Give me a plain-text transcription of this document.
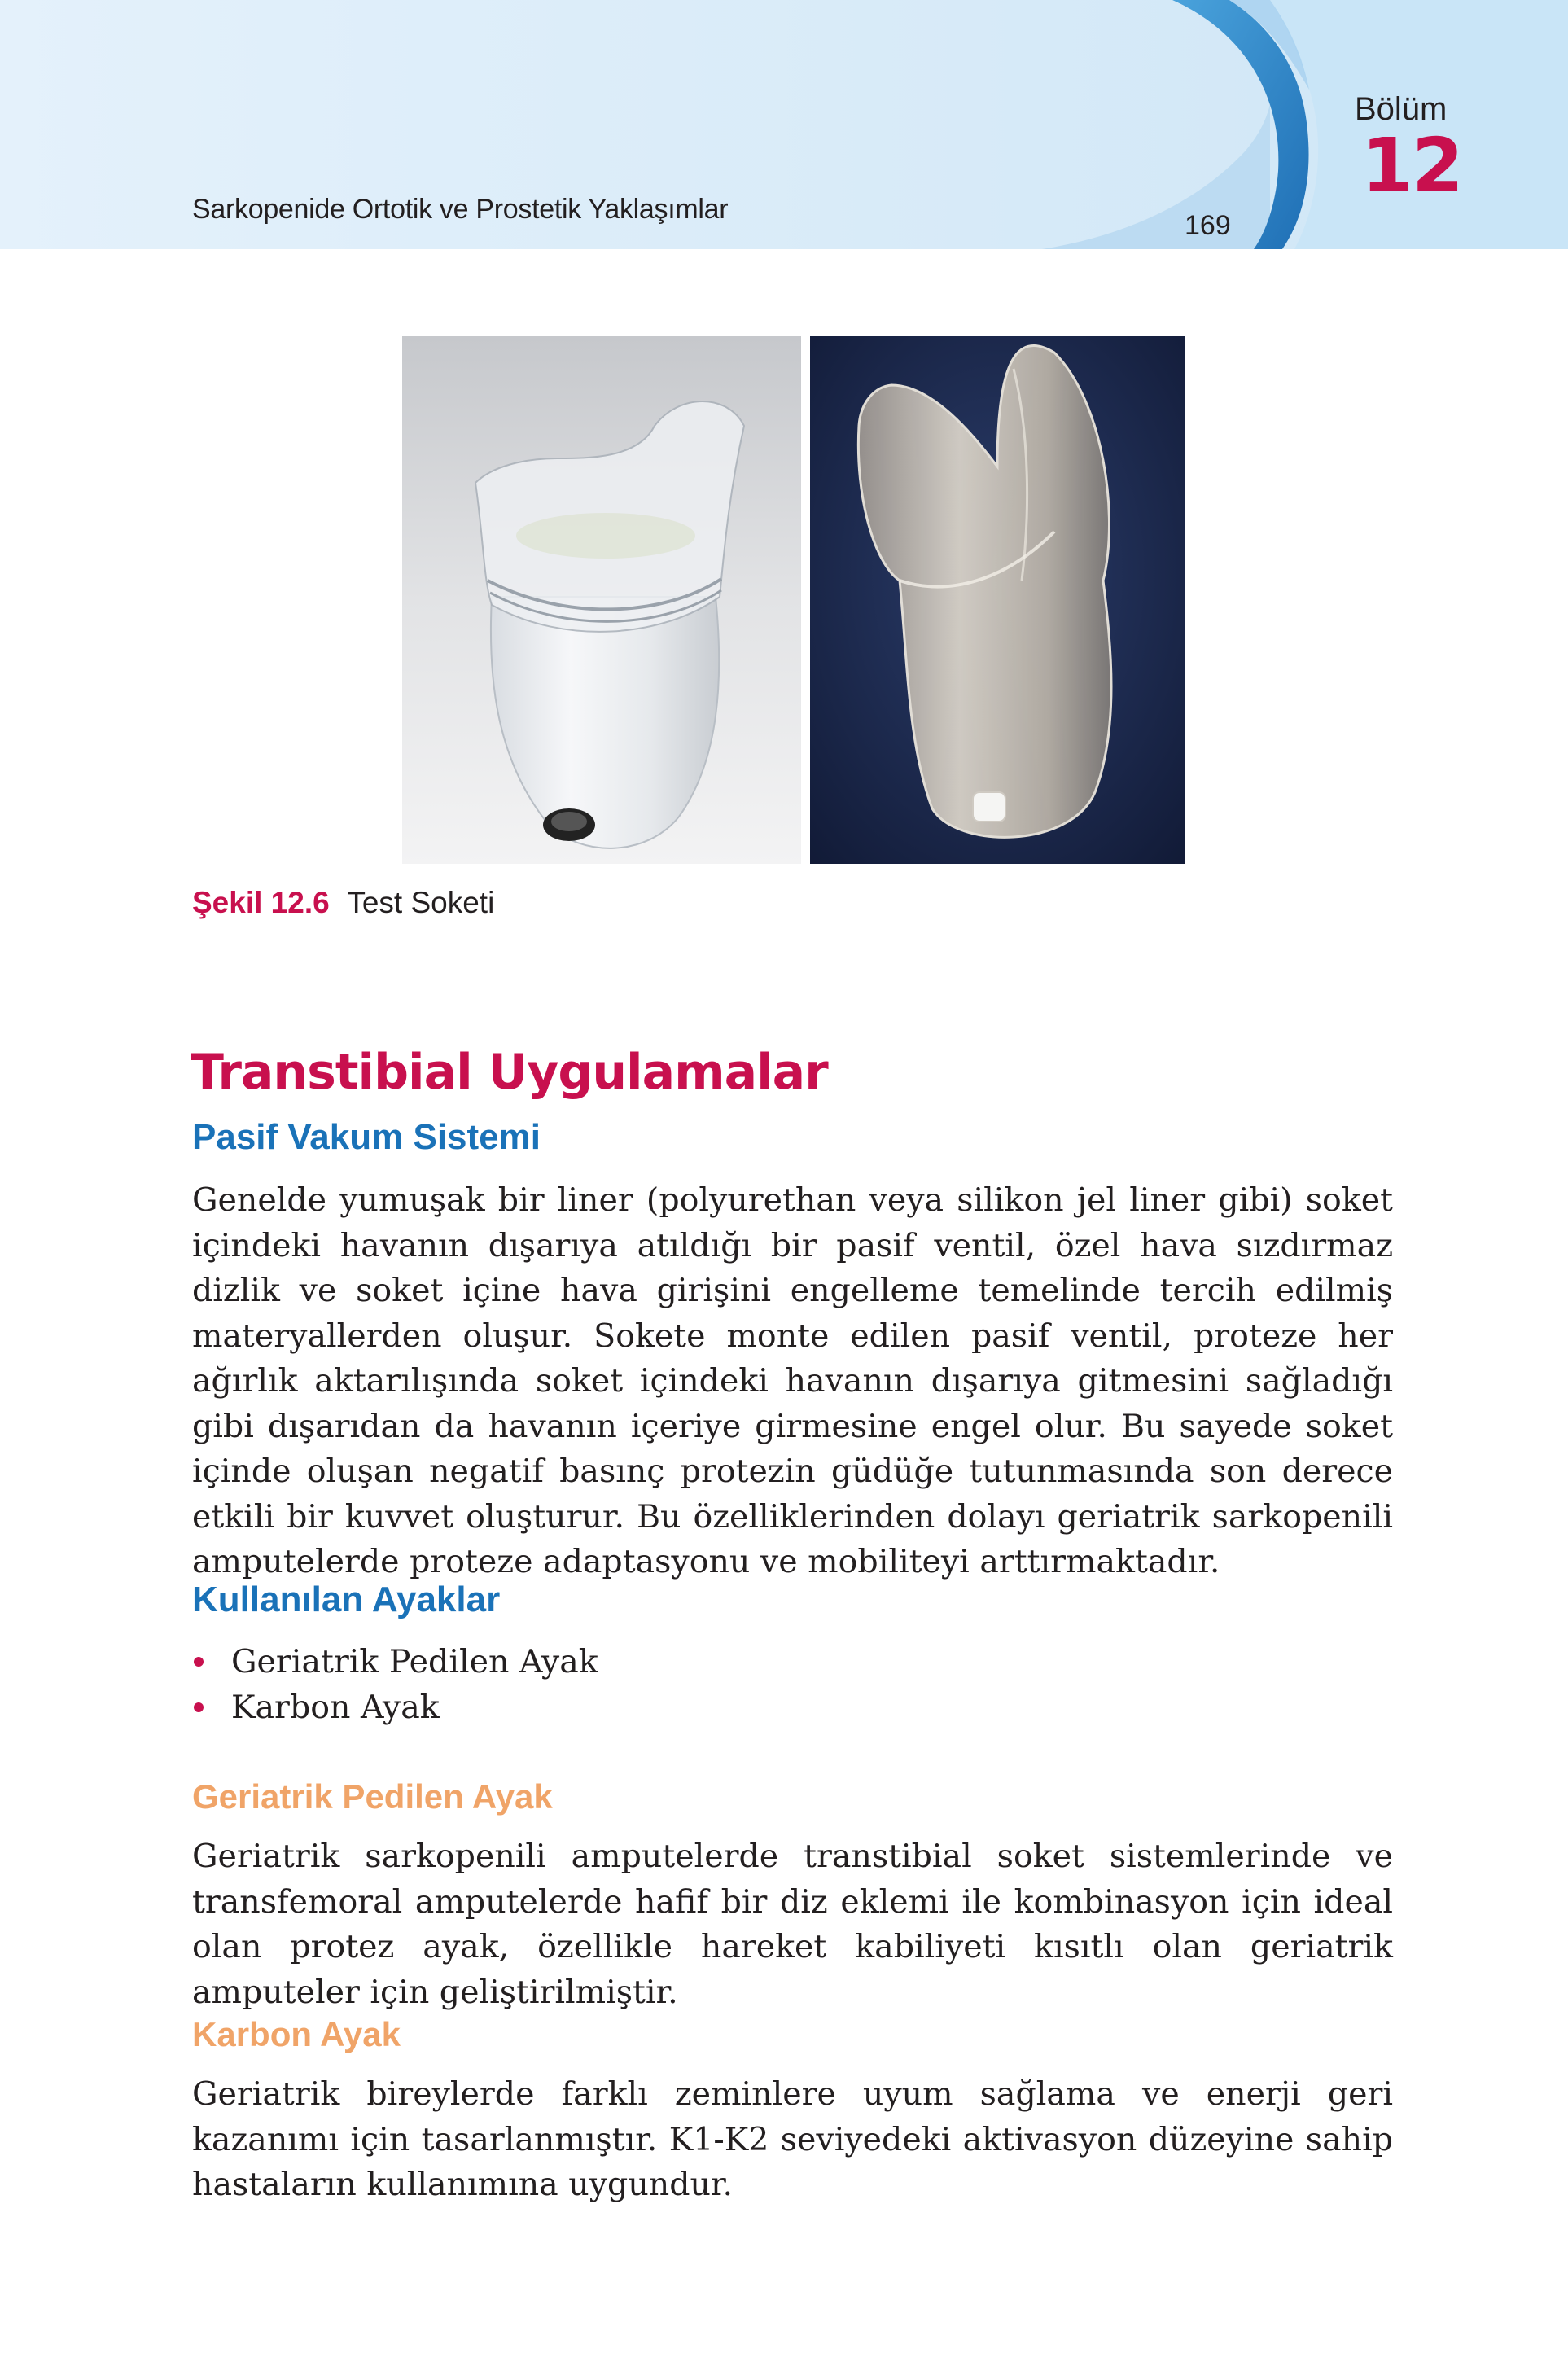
Sarkopenide Ortotik ve Prostetik Yaklaşımlar
169
Bölüm
12
Şekil 12.6 Test Soketi
Transtibial Uygulamalar
Pasif Vakum Sistemi

Genelde yumuşak bir liner (polyurethan veya silikon jel liner gibi) soket içindeki havanın dışarıya atıldığı bir pasif ventil, özel hava sızdırmaz dizlik ve soket içine hava girişini engelleme temelinde tercih edilmiş materyallerden oluşur. Sokete monte edilen pasif ventil, proteze her ağırlık aktarılışında soket içindeki havanın dışarıya gitmesini sağladığı gibi dışarıdan da havanın içeriye girmesine engel olur. Bu sayede soket içinde oluşan negatif basınç protezin güdüğe tutunmasında son derece etkili bir kuvvet oluşturur. Bu özelliklerinden dolayı geriatrik sarkopenili amputelerde proteze adaptasyonu ve mobiliteyi arttırmaktadır.

Kullanılan Ayaklar
Geriatrik Pedilen Ayak
Karbon Ayak
Geriatrik Pedilen Ayak

Geriatrik sarkopenili amputelerde transtibial soket sistemlerinde ve transfemoral amputelerde hafif bir diz eklemi ile kombinasyon için ideal olan protez ayak, özellikle hareket kabiliyeti kısıtlı olan geriatrik amputeler için geliştirilmiştir.

Karbon Ayak

Geriatrik bireylerde farklı zeminlere uyum sağlama ve enerji geri kazanımı için tasarlanmıştır. K1-K2 seviyedeki aktivasyon düzeyine sahip hastaların kullanımına uygundur.
